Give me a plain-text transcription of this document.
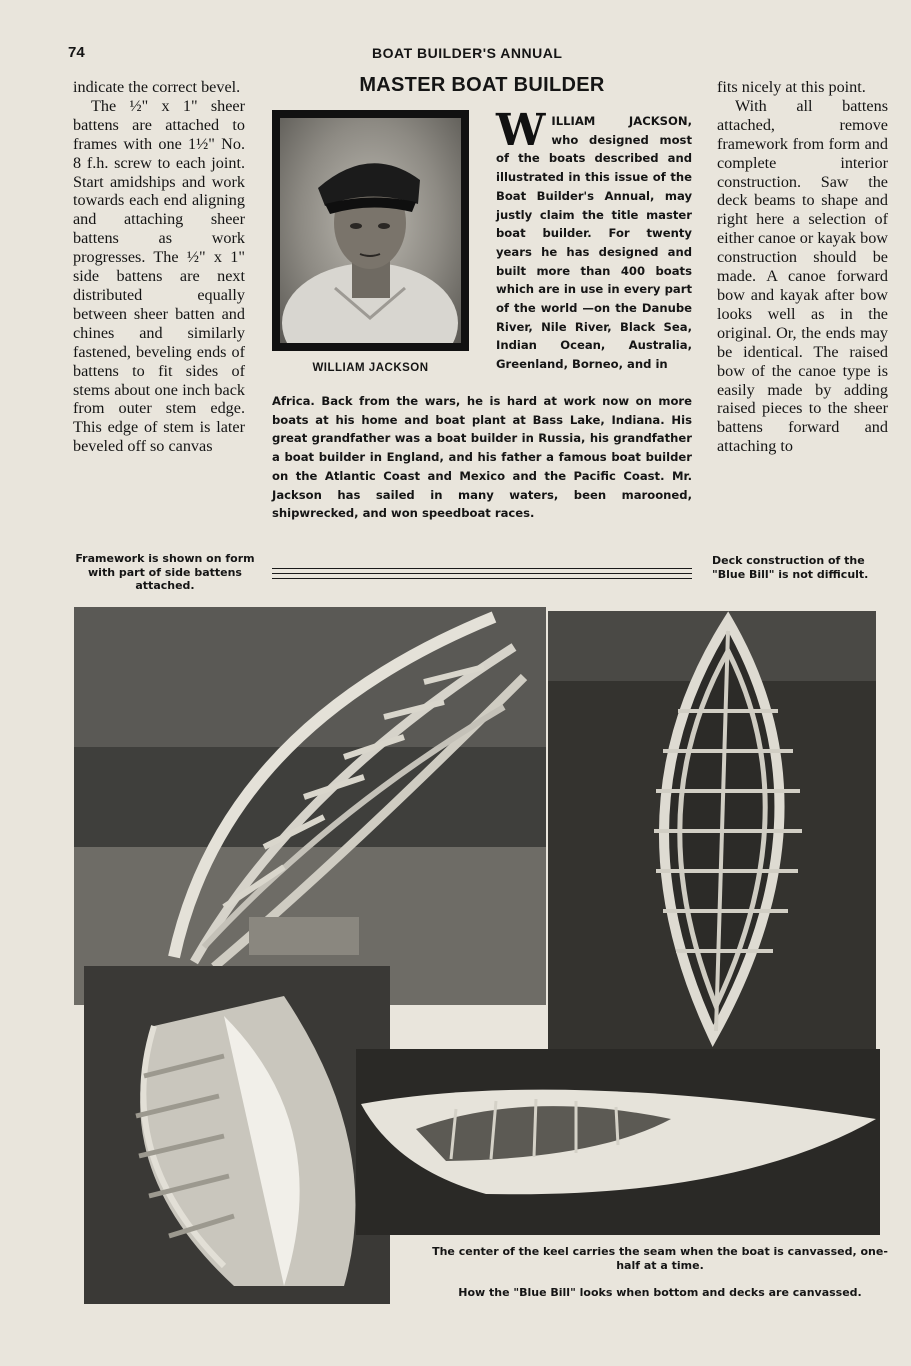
74	BOAT BUILDER'S ANNUAL

indicate the correct bevel.

The ½" x 1" sheer battens are attached to frames with one 1½" No. 8 f.h. screw to each joint. Start amidships and work towards each end aligning and attaching sheer battens as work progresses. The ½" x 1" side battens are next distributed equally between sheer batten and chines and similarly fastened, beveling ends of battens to fit sides of stems about one inch back from outer stem edge. This edge of stem is later beveled off so canvas

MASTER BOAT BUILDER
WILLIAM JACKSON
W ILLIAM JACKSON, who designed most of the boats described and illustrated in this issue of the Boat Builder's Annual, may justly claim the title master boat builder. For twenty years he has designed and built more than 400 boats which are in use in every part of the world —on the Danube River, Nile River, Black Sea, Indian Ocean, Australia, Greenland, Borneo, and in
Africa. Back from the wars, he is hard at work now on more boats at his home and boat plant at Bass Lake, Indiana. His great grandfather was a boat builder in Russia, his grandfather a boat builder in England, and his father a famous boat builder on the Atlantic Coast and Mexico and the Pacific Coast. Mr. Jackson has sailed in many waters, been marooned, shipwrecked, and won speedboat races.

fits nicely at this point.

With all battens attached, remove framework from form and complete interior construction. Saw the deck beams to shape and right here a selection of either canoe or kayak bow construction should be made. A canoe forward bow and kayak after bow looks well as in the original. Or, the ends may be identical. The raised bow of the canoe type is easily made by adding raised pieces to the sheer battens forward and attaching to

Framework is shown on form with part of side battens attached.
Deck construction of the "Blue Bill" is not difficult.
The center of the keel carries the seam when the boat is canvassed, one-half at a time.
How the "Blue Bill" looks when bottom and decks are canvassed.
